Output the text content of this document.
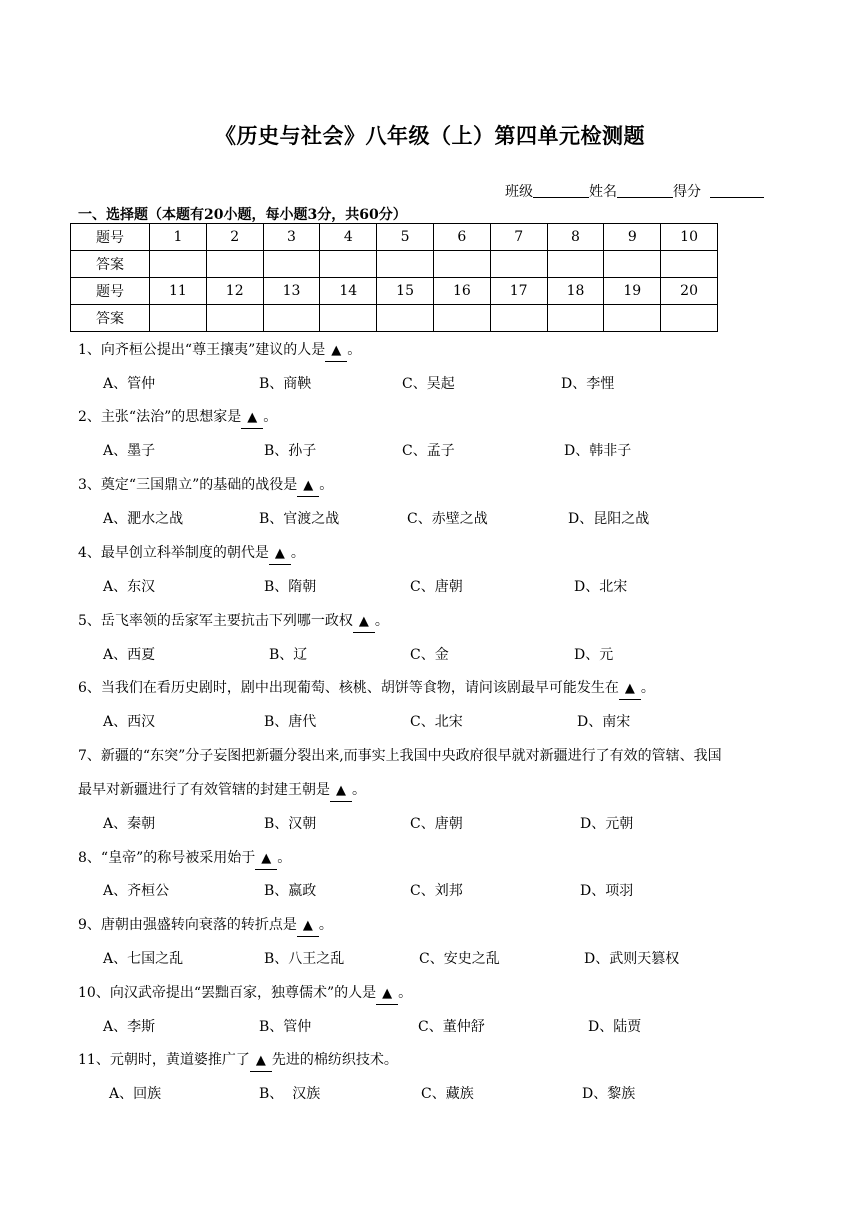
《历史与社会》八年级（上）第四单元检测题
班级	姓名	得分
一、选择题（本题有20小题，每小题3分，共60分）
题号	1	2	3	4	5	6	7	8	9	10
答案										
题号	11	12	13	14	15	16	17	18	19	20
答案										
1、向齐桓公提出“尊王攘夷”建议的人是 ▲ 。
A、管仲	B、商鞅	C、吴起	D、李悝
2、主张“法治”的思想家是 ▲ 。
A、墨子	B、孙子	C、孟子	D、韩非子
3、奠定“三国鼎立”的基础的战役是 ▲ 。
A、淝水之战	B、官渡之战	C、赤壁之战	D、昆阳之战
4、最早创立科举制度的朝代是 ▲ 。
A、东汉	B、隋朝	C、唐朝	D、北宋
5、岳飞率领的岳家军主要抗击下列哪一政权 ▲ 。
A、西夏	B、辽	C、金	D、元
6、当我们在看历史剧时，剧中出现葡萄、核桃、胡饼等食物，请问该剧最早可能发生在 ▲ 。
A、西汉	B、唐代	C、北宋	D、南宋
7、新疆的“东突”分子妄图把新疆分裂出来,而事实上我国中央政府很早就对新疆进行了有效的管辖、我国
最早对新疆进行了有效管辖的封建王朝是 ▲ 。
A、秦朝	B、汉朝	C、唐朝	D、元朝
8、“皇帝”的称号被采用始于 ▲ 。
A、齐桓公	B、嬴政	C、刘邦	D、项羽
9、唐朝由强盛转向衰落的转折点是 ▲ 。
A、七国之乱	B、八王之乱	C、安史之乱	D、武则天篡权
10、向汉武帝提出“罢黜百家，独尊儒术”的人是 ▲ 。
A、李斯	B、管仲	C、董仲舒	D、陆贾
11、元朝时，黄道婆推广了 ▲ 先进的棉纺织技术。
A、回族	B、  汉族	C、藏族	D、黎族
